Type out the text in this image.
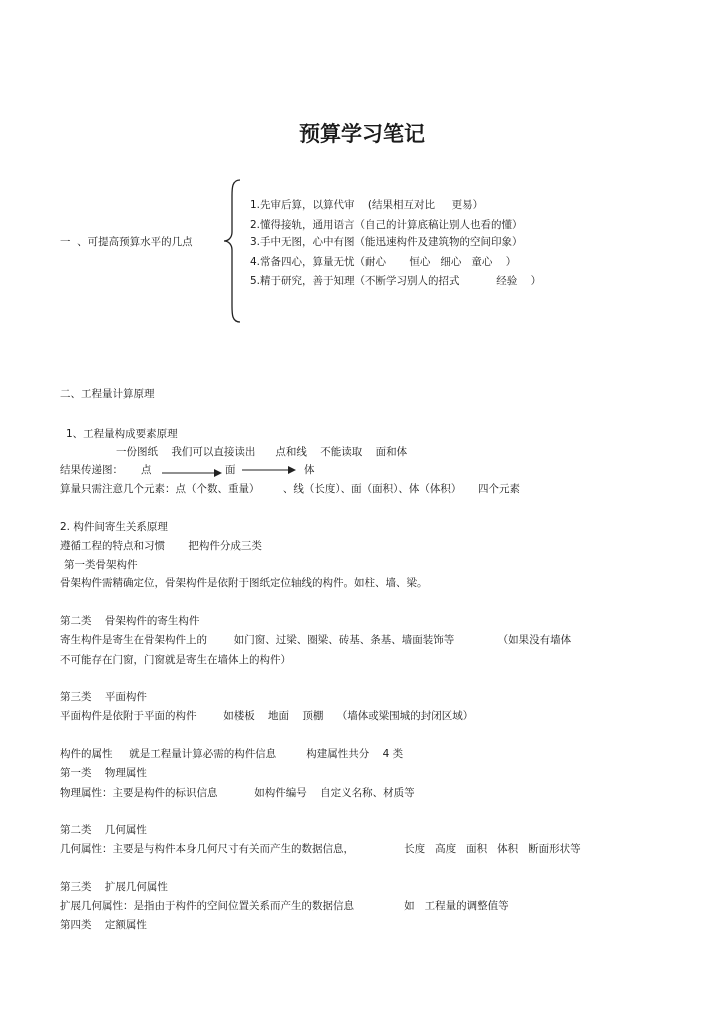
预算学习笔记
一  、可提高预算水平的几点
1.先审后算，以算代审    (结果相互对比     更易）
2.懂得接轨，通用语言（自己的计算底稿让别人也看的懂）
3.手中无图，心中有图（能迅速构件及建筑物的空间印象）
4.常备四心，算量无忧（耐心       恒心   细心   童心    ）
5.精于研究，善于知理（不断学习别人的招式           经验    ）
二、工程量计算原理
1、工程量构成要素原理
一份图纸    我们可以直接读出      点和线    不能读取    面和体
结果传递图： 点	面	体
算量只需注意几个元素：点（个数、重量）       、线（长度）、面（面积）、体（体积）     四个元素
2. 构件间寄生关系原理
遵循工程的特点和习惯       把构件分成三类
第一类骨架构件
骨架构件需精确定位，骨架构件是依附于图纸定位轴线的构件。如柱、墙、梁。
第二类    骨架构件的寄生构件
寄生构件是寄生在骨架构件上的        如门窗、过梁、圈梁、砖基、条基、墙面装饰等             （如果没有墙体
不可能存在门窗，门窗就是寄生在墙体上的构件）
第三类    平面构件
平面构件是依附于平面的构件        如楼板    地面    顶棚    （墙体或梁围城的封闭区域）
构件的属性     就是工程量计算必需的构件信息         构建属性共分    4 类
第一类    物理属性
物理属性：主要是构件的标识信息           如构件编号    自定义名称、材质等
第二类    几何属性
几何属性：主要是与构件本身几何尺寸有关而产生的数据信息，               长度   高度   面积   体积   断面形状等
第三类    扩展几何属性
扩展几何属性：是指由于构件的空间位置关系而产生的数据信息               如   工程量的调整值等
第四类    定额属性
